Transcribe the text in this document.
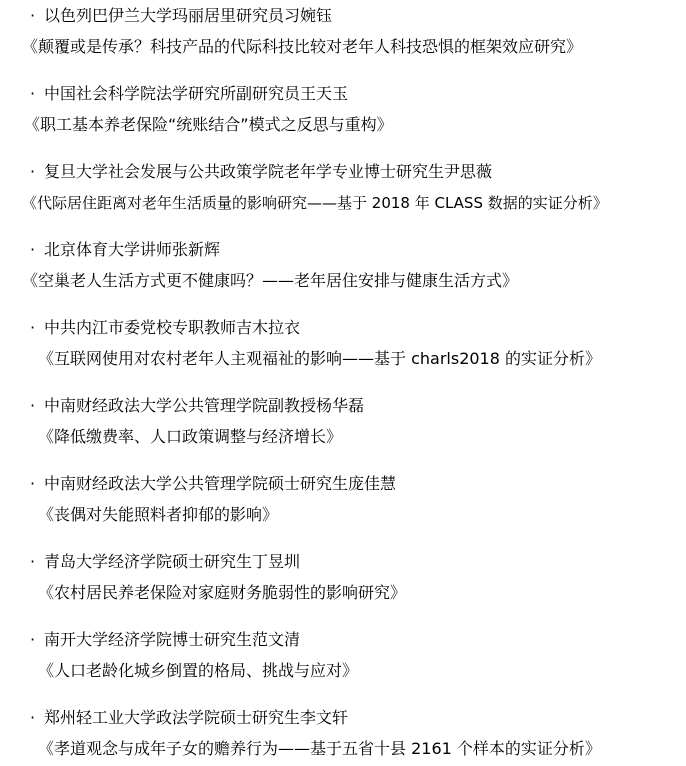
· 以色列巴伊兰大学玛丽居里研究员习婉钰
《颠覆或是传承？科技产品的代际科技比较对老年人科技恐惧的框架效应研究》
· 中国社会科学院法学研究所副研究员王天玉
《职工基本养老保险“统账结合”模式之反思与重构》
· 复旦大学社会发展与公共政策学院老年学专业博士研究生尹思薇
《代际居住距离对老年生活质量的影响研究——基于 2018 年 CLASS 数据的实证分析》
· 北京体育大学讲师张新辉
《空巢老人生活方式更不健康吗？——老年居住安排与健康生活方式》
· 中共内江市委党校专职教师吉木拉衣
《互联网使用对农村老年人主观福祉的影响——基于 charls2018 的实证分析》
· 中南财经政法大学公共管理学院副教授杨华磊
《降低缴费率、人口政策调整与经济增长》
· 中南财经政法大学公共管理学院硕士研究生庞佳慧
《丧偶对失能照料者抑郁的影响》
· 青岛大学经济学院硕士研究生丁昱圳
《农村居民养老保险对家庭财务脆弱性的影响研究》
· 南开大学经济学院博士研究生范文清
《人口老龄化城乡倒置的格局、挑战与应对》
· 郑州轻工业大学政法学院硕士研究生李文轩
《孝道观念与成年子女的赡养行为——基于五省十县 2161 个样本的实证分析》
